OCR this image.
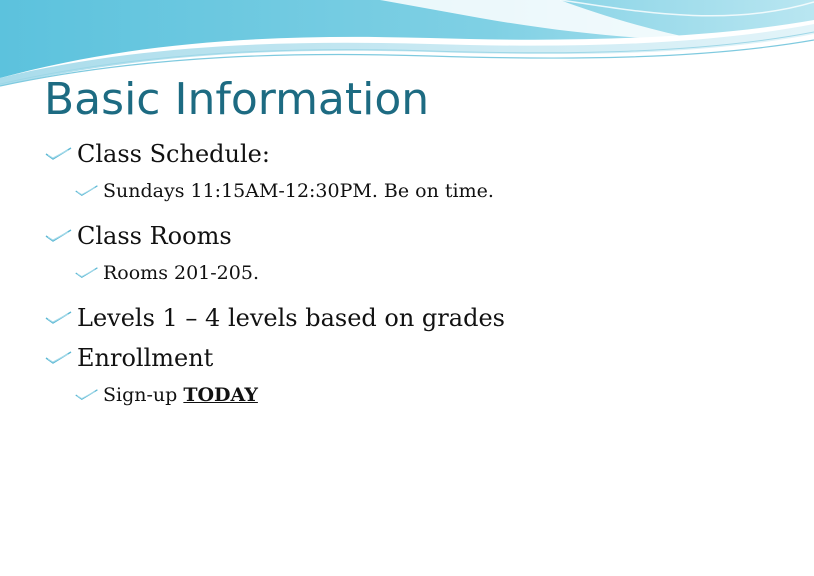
Basic Information
Class Schedule:
Sundays 11:15AM-12:30PM. Be on time.
Class Rooms
Rooms 201-205.
Levels 1 – 4 levels based on grades
Enrollment
Sign-up TODAY
